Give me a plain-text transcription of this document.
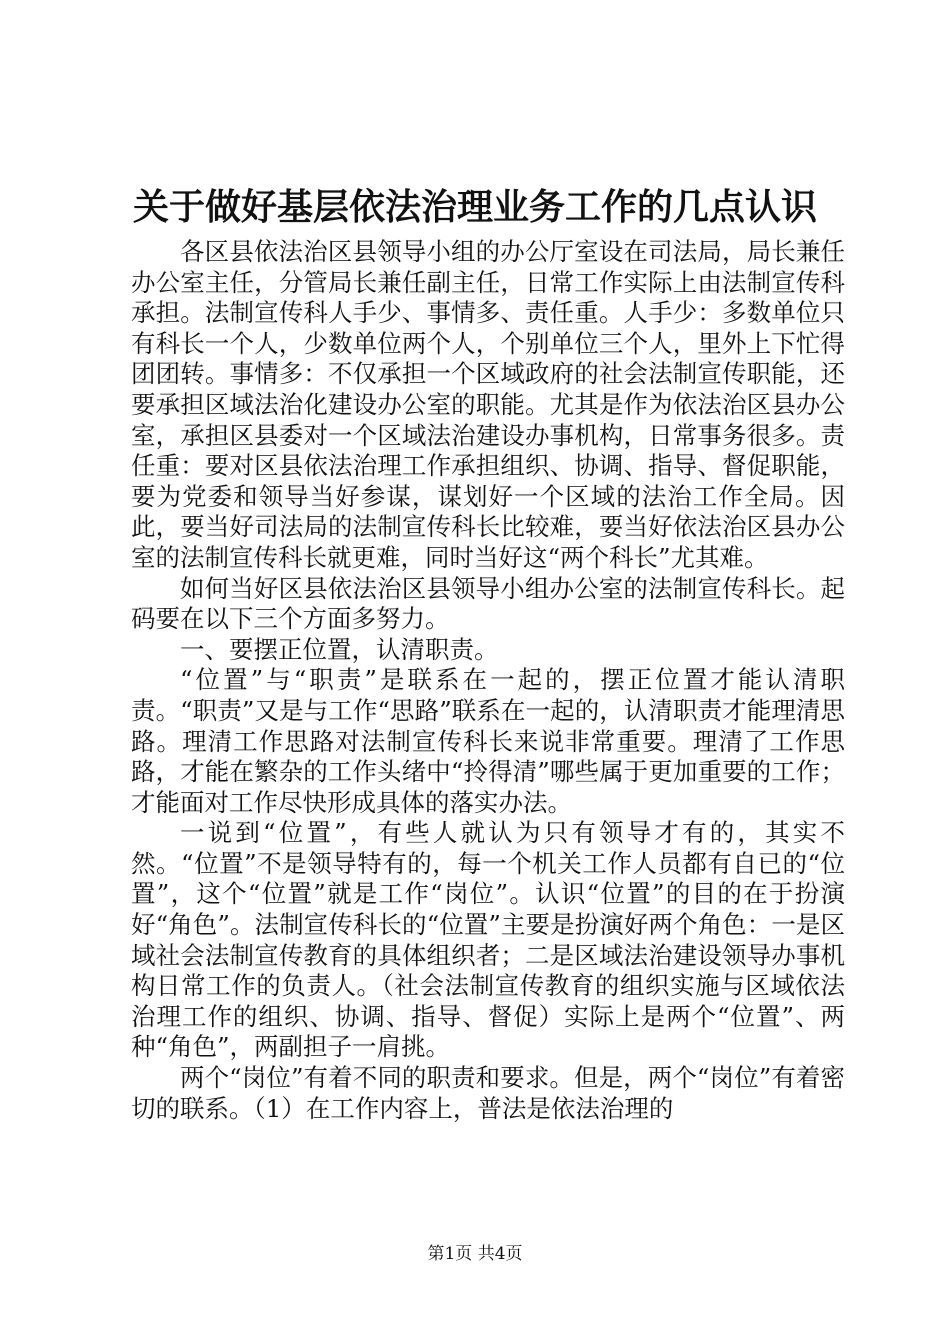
关于做好基层依法治理业务工作的几点认识

各区县依法治区县领导小组的办公厅室设在司法局，局长兼任办公室主任，分管局长兼任副主任，日常工作实际上由法制宣传科承担。法制宣传科人手少、事情多、责任重。人手少：多数单位只有科长一个人，少数单位两个人，个别单位三个人，里外上下忙得团团转。事情多：不仅承担一个区域政府的社会法制宣传职能，还要承担区域法治化建设办公室的职能。尤其是作为依法治区县办公室，承担区县委对一个区域法治建设办事机构，日常事务很多。责任重：要对区县依法治理工作承担组织、协调、指导、督促职能，要为党委和领导当好参谋，谋划好一个区域的法治工作全局。因此，要当好司法局的法制宣传科长比较难，要当好依法治区县办公室的法制宣传科长就更难，同时当好这“两个科长”尤其难。

如何当好区县依法治区县领导小组办公室的法制宣传科长。起码要在以下三个方面多努力。

一、要摆正位置，认清职责。

“位置”与“职责”是联系在一起的，摆正位置才能认清职责。“职责”又是与工作“思路”联系在一起的，认清职责才能理清思路。理清工作思路对法制宣传科长来说非常重要。理清了工作思路，才能在繁杂的工作头绪中“拎得清”哪些属于更加重要的工作；才能面对工作尽快形成具体的落实办法。

一说到“位置”，有些人就认为只有领导才有的，其实不然。“位置”不是领导特有的，每一个机关工作人员都有自已的“位置”，这个“位置”就是工作“岗位”。认识“位置”的目的在于扮演好“角色”。法制宣传科长的“位置”主要是扮演好两个角色：一是区域社会法制宣传教育的具体组织者；二是区域法治建设领导办事机构日常工作的负责人。（社会法制宣传教育的组织实施与区域依法治理工作的组织、协调、指导、督促）实际上是两个“位置”、两种“角色”，两副担子一肩挑。

两个“岗位”有着不同的职责和要求。但是，两个“岗位”有着密切的联系。（1）在工作内容上，普法是依法治理的

第1页 共4页
